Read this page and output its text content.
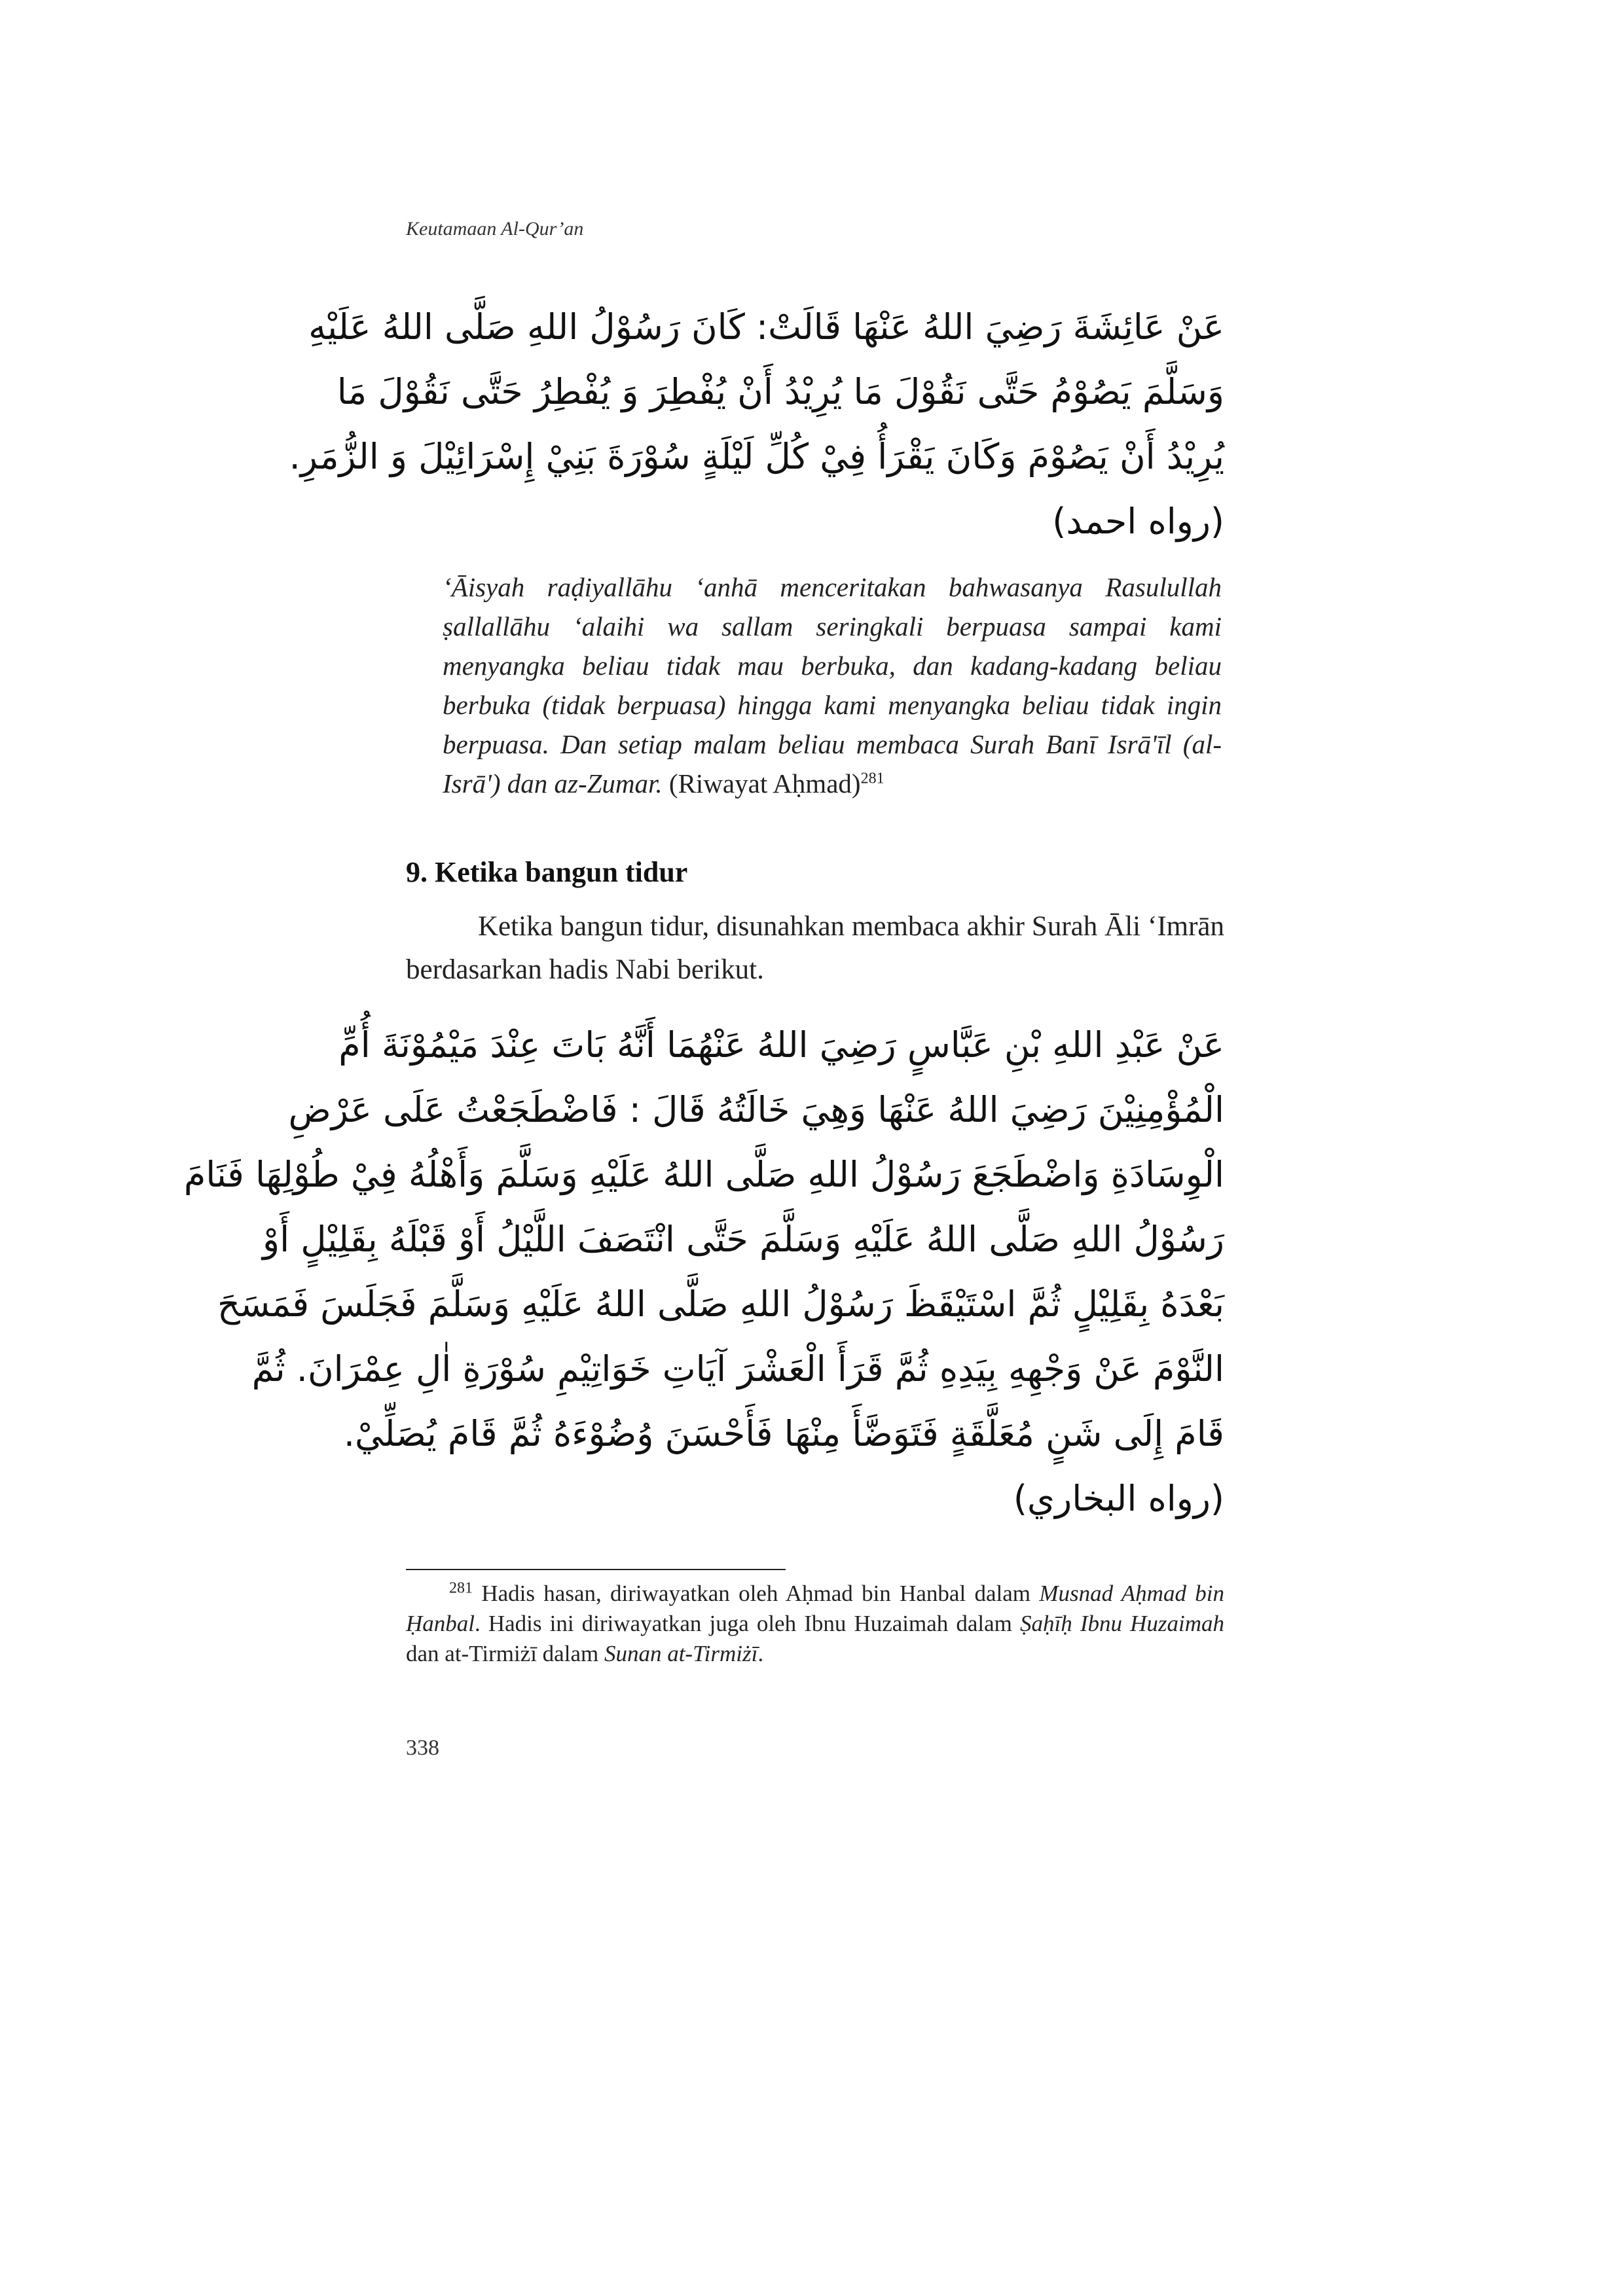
Keutamaan Al-Qur’an
عَنْ عَائِشَةَ رَضِيَ اللهُ عَنْهَا قَالَتْ: كَانَ رَسُوْلُ اللهِ صَلَّى اللهُ عَلَيْهِ
وَسَلَّمَ يَصُوْمُ حَتَّى نَقُوْلَ مَا يُرِيْدُ أَنْ يُفْطِرَ وَ يُفْطِرُ حَتَّى نَقُوْلَ مَا
يُرِيْدُ أَنْ يَصُوْمَ وَكَانَ يَقْرَأُ فِيْ كُلِّ لَيْلَةٍ سُوْرَةَ بَنِيْ إِسْرَائِيْلَ وَ الزُّمَرِ.
(رواه احمد)
‘Āisyah raḍiyallāhu ‘anhā menceritakan bahwasanya Rasulullah ṣallallāhu ‘alaihi wa sallam seringkali berpuasa sampai kami menyangka beliau tidak mau berbuka, dan kadang-kadang beliau berbuka (tidak berpuasa) hingga kami menyangka beliau tidak ingin berpuasa. Dan setiap malam beliau membaca Surah Banī Isrā'īl (al-Isrā') dan az-Zumar. (Riwayat Aḥmad)$^{281}$
9. Ketika bangun tidur
Ketika bangun tidur, disunahkan membaca akhir Surah Āli ‘Imrān berdasarkan hadis Nabi berikut.
عَنْ عَبْدِ اللهِ بْنِ عَبَّاسٍ رَضِيَ اللهُ عَنْهُمَا أَنَّهُ بَاتَ عِنْدَ مَيْمُوْنَةَ أُمِّ
الْمُؤْمِنِيْنَ رَضِيَ اللهُ عَنْهَا وَهِيَ خَالَتُهُ قَالَ : فَاضْطَجَعْتُ عَلَى عَرْضِ
الْوِسَادَةِ وَاضْطَجَعَ رَسُوْلُ اللهِ صَلَّى اللهُ عَلَيْهِ وَسَلَّمَ وَأَهْلُهُ فِيْ طُوْلِهَا فَنَامَ
رَسُوْلُ اللهِ صَلَّى اللهُ عَلَيْهِ وَسَلَّمَ حَتَّى انْتَصَفَ اللَّيْلُ أَوْ قَبْلَهُ بِقَلِيْلٍ أَوْ
بَعْدَهُ بِقَلِيْلٍ ثُمَّ اسْتَيْقَظَ رَسُوْلُ اللهِ صَلَّى اللهُ عَلَيْهِ وَسَلَّمَ فَجَلَسَ فَمَسَحَ
النَّوْمَ عَنْ وَجْهِهِ بِيَدِهِ ثُمَّ قَرَأَ الْعَشْرَ آيَاتِ خَوَاتِيْمِ سُوْرَةِ اٰلِ عِمْرَانَ. ثُمَّ
قَامَ إِلَى شَنٍ مُعَلَّقَةٍ فَتَوَضَّأَ مِنْهَا فَأَحْسَنَ وُضُوْءَهُ ثُمَّ قَامَ يُصَلِّيْ.
(رواه البخاري)
$^{281}$ Hadis hasan, diriwayatkan oleh Aḥmad bin Hanbal dalam Musnad Aḥmad bin Ḥanbal. Hadis ini diriwayatkan juga oleh Ibnu Huzaimah dalam Ṣaḥīḥ Ibnu Huzaimah dan at-Tirmiżī dalam Sunan at-Tirmiżī.
338
